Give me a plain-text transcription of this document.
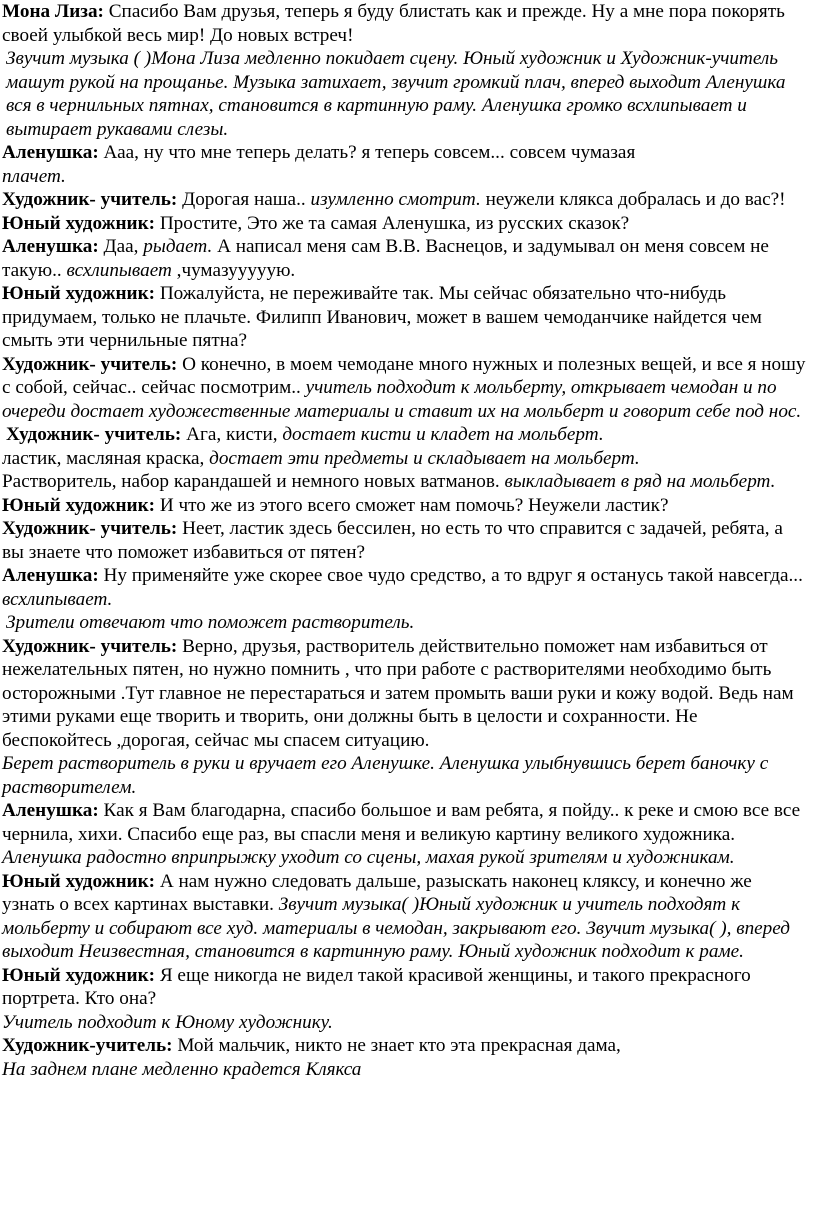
Мона Лиза: Спасибо Вам друзья, теперь я буду блистать как и прежде. Ну а мне пора покорять своей улыбкой весь мир! До новых встреч!

Звучит музыка ( )Мона Лиза медленно покидает сцену. Юный художник и Художник-учитель машут рукой на прощанье. Музыка затихает, звучит громкий плач, вперед выходит Аленушка вся в чернильных пятнах, становится в картинную раму. Аленушка громко всхлипывает и вытирает рукавами слезы.

Аленушка: Ааа, ну что мне теперь делать? я теперь совсем... совсем чумазая

плачет.

Художник- учитель: Дорогая наша.. изумленно смотрит. неужели клякса добралась и до вас?!

Юный художник: Простите, Это же та самая Аленушка, из русских сказок?

Аленушка: Даа, рыдает. А написал меня сам В.В. Васнецов, и задумывал он меня совсем не такую.. всхлипывает ,чумазууууую.

Юный художник: Пожалуйста, не переживайте так. Мы сейчас обязательно что-нибудь придумаем, только не плачьте. Филипп Иванович, может в вашем чемоданчике найдется чем смыть эти чернильные пятна?

Художник- учитель: О конечно, в моем чемодане много нужных и полезных вещей, и все я ношу с собой, сейчас.. сейчас посмотрим.. учитель подходит к мольберту, открывает чемодан и по очереди достает художественные материалы и ставит их на мольберт и говорит себе под нос.

Художник- учитель: Ага, кисти, достает кисти и кладет на мольберт.

ластик, масляная краска, достает эти предметы и складывает на мольберт.

Растворитель, набор карандашей и немного новых ватманов. выкладывает в ряд на мольберт.

Юный художник: И что же из этого всего сможет нам помочь? Неужели ластик?

Художник- учитель: Неет, ластик здесь бессилен, но есть то что справится с задачей, ребята, а вы знаете что поможет избавиться от пятен?

Аленушка: Ну применяйте уже скорее свое чудо средство, а то вдруг я останусь такой навсегда... всхлипывает.

Зрители отвечают что поможет растворитель.

Художник- учитель: Верно, друзья, растворитель действительно поможет нам избавиться от нежелательных пятен, но нужно помнить , что при работе с растворителями необходимо быть осторожными .Тут главное не перестараться и затем промыть ваши руки и кожу водой. Ведь нам этими руками еще творить и творить, они должны быть в целости и сохранности. Не беспокойтесь ,дорогая, сейчас мы спасем ситуацию.

Берет растворитель в руки и вручает его Аленушке. Аленушка улыбнувшись берет баночку с растворителем.

Аленушка: Как я Вам благодарна, спасибо большое и вам ребята, я пойду.. к реке и смою все все чернила, хихи. Спасибо еще раз, вы спасли меня и великую картину великого художника.

Аленушка радостно вприпрыжку уходит со сцены, махая рукой зрителям и художникам.

Юный художник: А нам нужно следовать дальше, разыскать наконец кляксу, и конечно же узнать о всех картинах выставки. Звучит музыка( )Юный художник и учитель подходят к мольберту и собирают все худ. материалы в чемодан, закрывают его. Звучит музыка( ), вперед выходит Неизвестная, становится в картинную раму. Юный художник подходит к раме.

Юный художник: Я еще никогда не видел такой красивой женщины, и такого прекрасного портрета. Кто она?

Учитель подходит к Юному художнику.

Художник-учитель: Мой мальчик, никто не знает кто эта прекрасная дама,

На заднем плане медленно крадется Клякса
